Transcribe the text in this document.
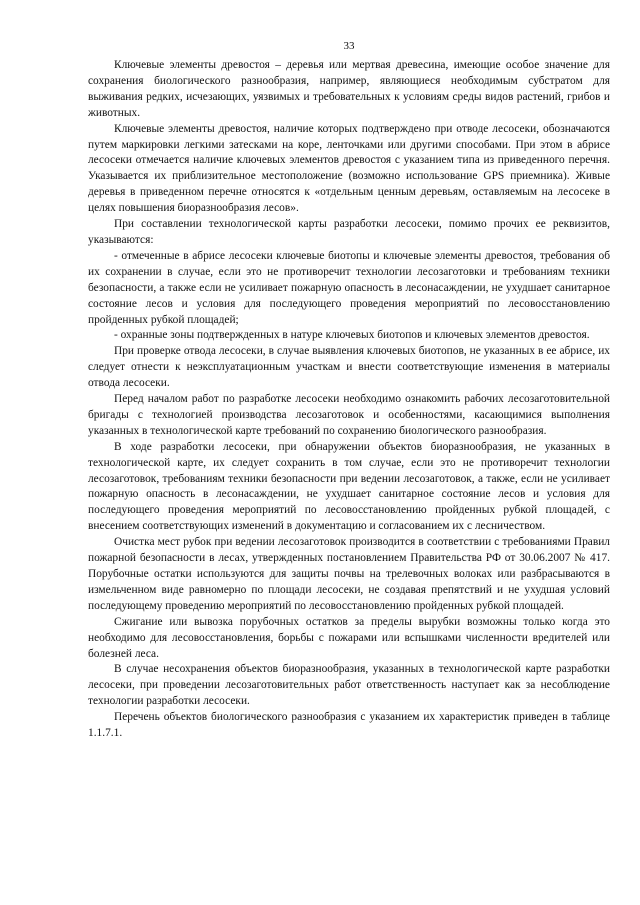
33

Ключевые элементы древостоя – деревья или мертвая древесина, имеющие особое значение для сохранения биологического разнообразия, например, являющиеся необходимым субстратом для выживания редких, исчезающих, уязвимых и требовательных к условиям среды видов растений, грибов и животных.

Ключевые элементы древостоя, наличие которых подтверждено при отводе лесосеки, обозначаются путем маркировки легкими затесками на коре, ленточками или другими способами. При этом в абрисе лесосеки отмечается наличие ключевых элементов древостоя с указанием типа из приведенного перечня. Указывается их приблизительное местоположение (возможно использование GPS приемника). Живые деревья в приведенном перечне относятся к «отдельным ценным деревьям, оставляемым на лесосеке в целях повышения биоразнообразия лесов».

При составлении технологической карты разработки лесосеки, помимо прочих ее реквизитов, указываются:

- отмеченные в абрисе лесосеки ключевые биотопы и ключевые элементы древостоя, требования об их сохранении в случае, если это не противоречит технологии лесозаготовки и требованиям техники безопасности, а также если не усиливает пожарную опасность в лесонасаждении, не ухудшает санитарное состояние лесов и условия для последующего проведения мероприятий по лесовосстановлению пройденных рубкой площадей;

- охранные зоны подтвержденных в натуре ключевых биотопов и ключевых элементов древостоя.

При проверке отвода лесосеки, в случае выявления ключевых биотопов, не указанных в ее абрисе, их следует отнести к неэксплуатационным участкам и внести соответствующие изменения в материалы отвода лесосеки.

Перед началом работ по разработке лесосеки необходимо ознакомить рабочих лесозаготовительной бригады с технологией производства лесозаготовок и особенностями, касающимися выполнения указанных в технологической карте требований по сохранению биологического разнообразия.

В ходе разработки лесосеки, при обнаружении объектов биоразнообразия, не указанных в технологической карте, их следует сохранить в том случае, если это не противоречит технологии лесозаготовок, требованиям техники безопасности при ведении лесозаготовок, а также, если не усиливает пожарную опасность в лесонасаждении, не ухудшает санитарное состояние лесов и условия для последующего проведения мероприятий по лесовосстановлению пройденных рубкой площадей, с внесением соответствующих изменений в документацию и согласованием их с лесничеством.

Очистка мест рубок при ведении лесозаготовок производится в соответствии с требованиями Правил пожарной безопасности в лесах, утвержденных постановлением Правительства РФ от 30.06.2007 № 417. Порубочные остатки используются для защиты почвы на трелевочных волоках или разбрасываются в измельченном виде равномерно по площади лесосеки, не создавая препятствий и не ухудшая условий последующему проведению мероприятий по лесовосстановлению пройденных рубкой площадей.

Сжигание или вывозка порубочных остатков за пределы вырубки возможны только когда это необходимо для лесовосстановления, борьбы с пожарами или вспышками численности вредителей или болезней леса.

В случае несохранения объектов биоразнообразия, указанных в технологической карте разработки лесосеки, при проведении лесозаготовительных работ ответственность наступает как за несоблюдение технологии разработки лесосеки.

Перечень объектов биологического разнообразия с указанием их характеристик приведен в таблице 1.1.7.1.
